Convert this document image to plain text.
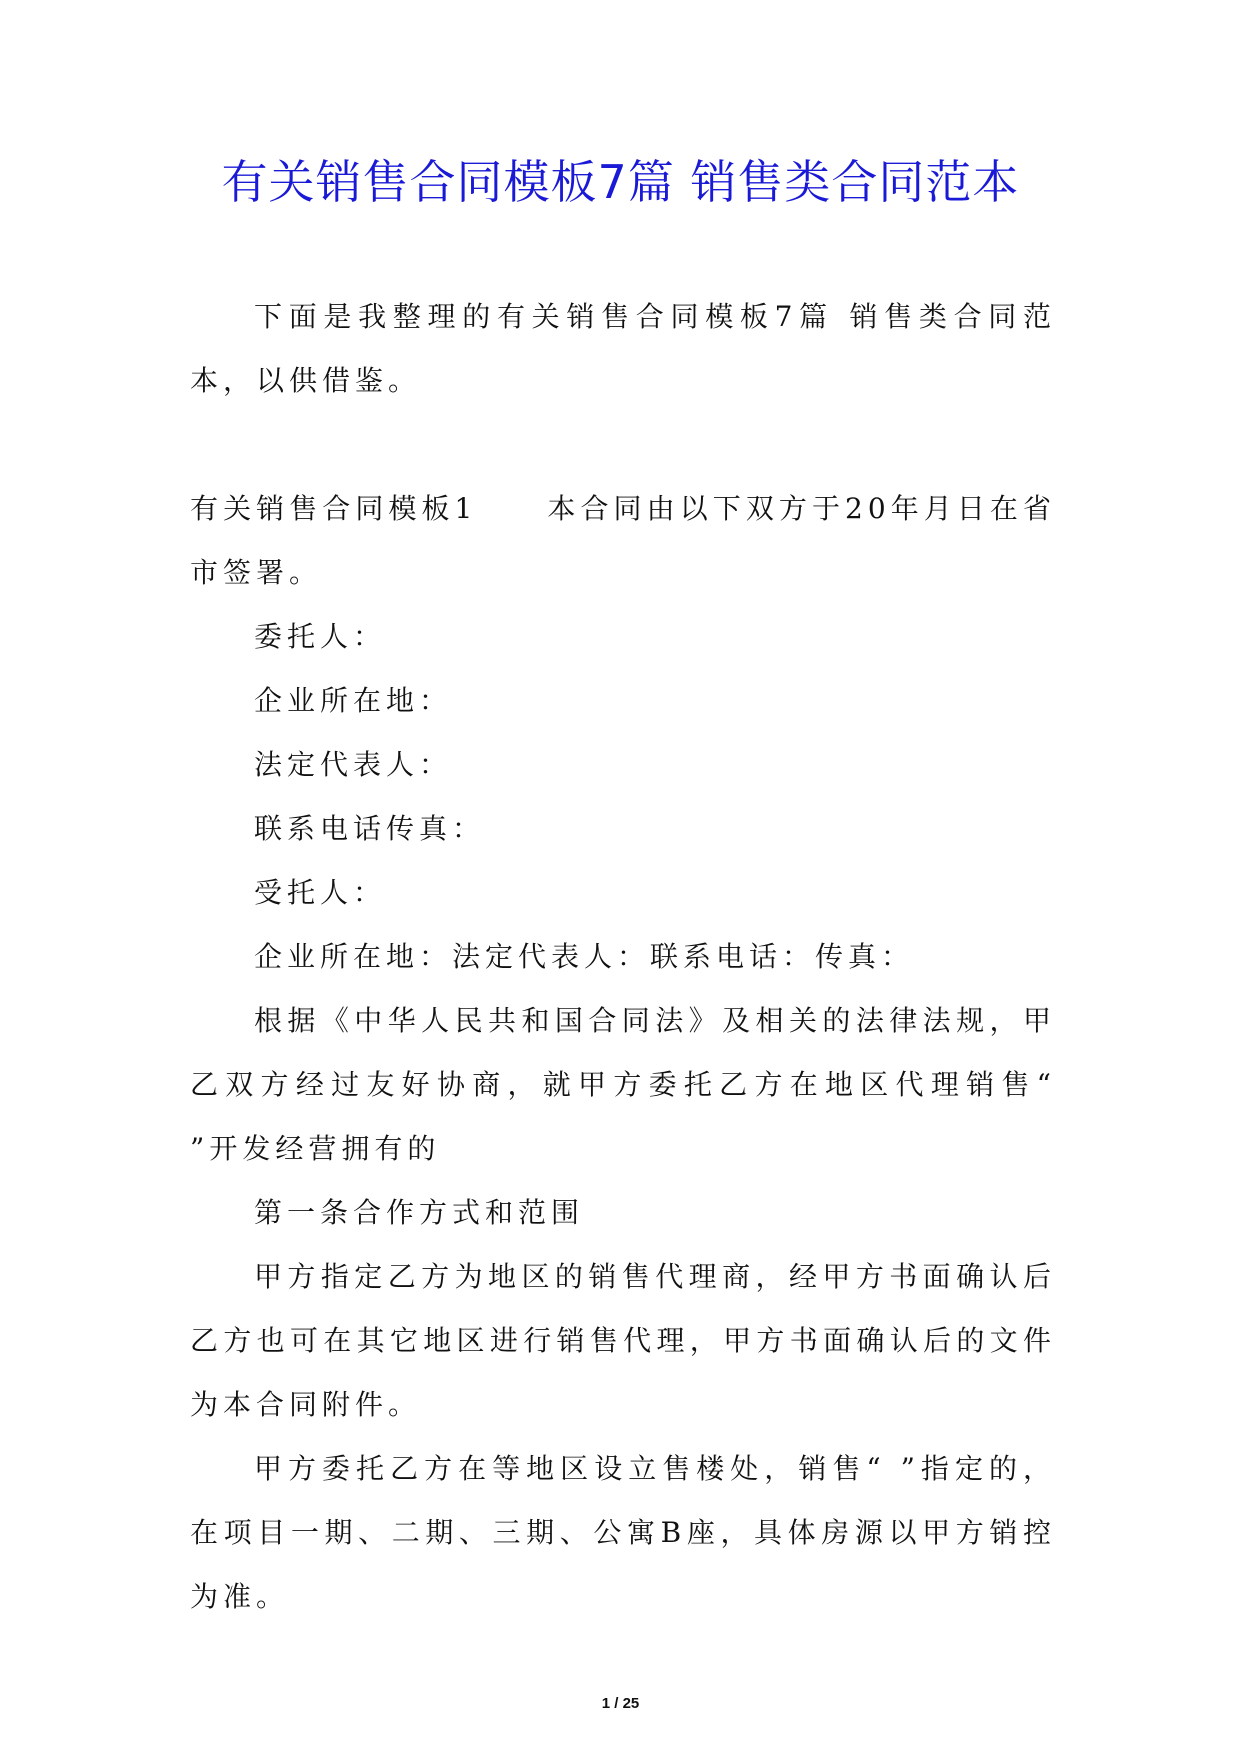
有关销售合同模板7篇 销售类合同范本

下面是我整理的有关销售合同模板7篇 销售类合同范本，以供借鉴。

有关销售合同模板1	本合同由以下双方于20年月日在省市签署。

委托人：

企业所在地：

法定代表人：

联系电话传真：

受托人：

企业所在地：法定代表人：联系电话：传真：

根据《中华人民共和国合同法》及相关的法律法规，甲乙双方经过友好协商，就甲方委托乙方在地区代理销售“ ”开发经营拥有的

第一条合作方式和范围

甲方指定乙方为地区的销售代理商，经甲方书面确认后乙方也可在其它地区进行销售代理，甲方书面确认后的文件为本合同附件。

甲方委托乙方在等地区设立售楼处，销售“ ”指定的，在项目一期、二期、三期、公寓B座，具体房源以甲方销控为准。

1 / 25
